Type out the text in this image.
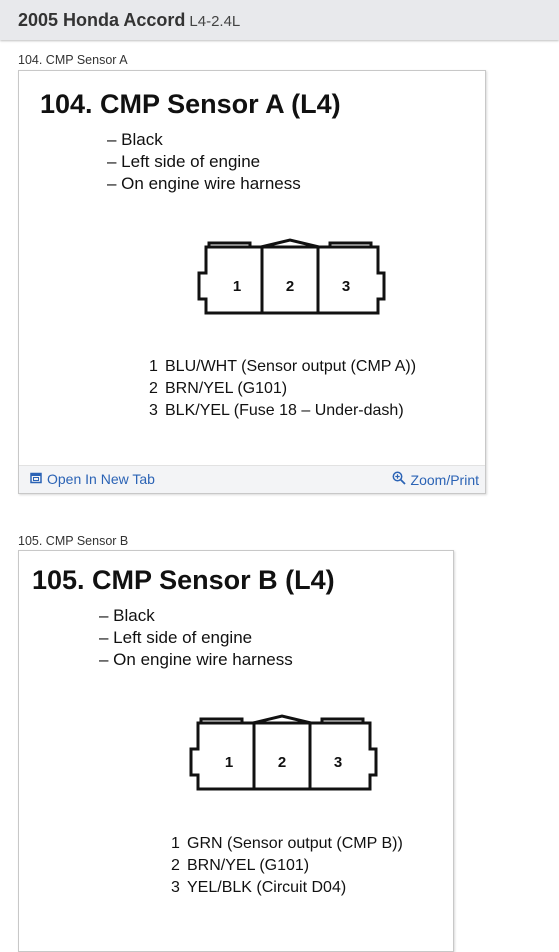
2005 Honda Accord L4-2.4L
104. CMP Sensor A
104. CMP Sensor A (L4)
– Black
– Left side of engine
– On engine wire harness
1	2	3
1 BLU/WHT (Sensor output (CMP A))
2 BRN/YEL (G101)
3 BLK/YEL (Fuse 18 – Under-dash)
Open In New Tab	Zoom/Print
105. CMP Sensor B
105. CMP Sensor B (L4)
– Black
– Left side of engine
– On engine wire harness
1	2	3
1 GRN (Sensor output (CMP B))
2 BRN/YEL (G101)
3 YEL/BLK (Circuit D04)
